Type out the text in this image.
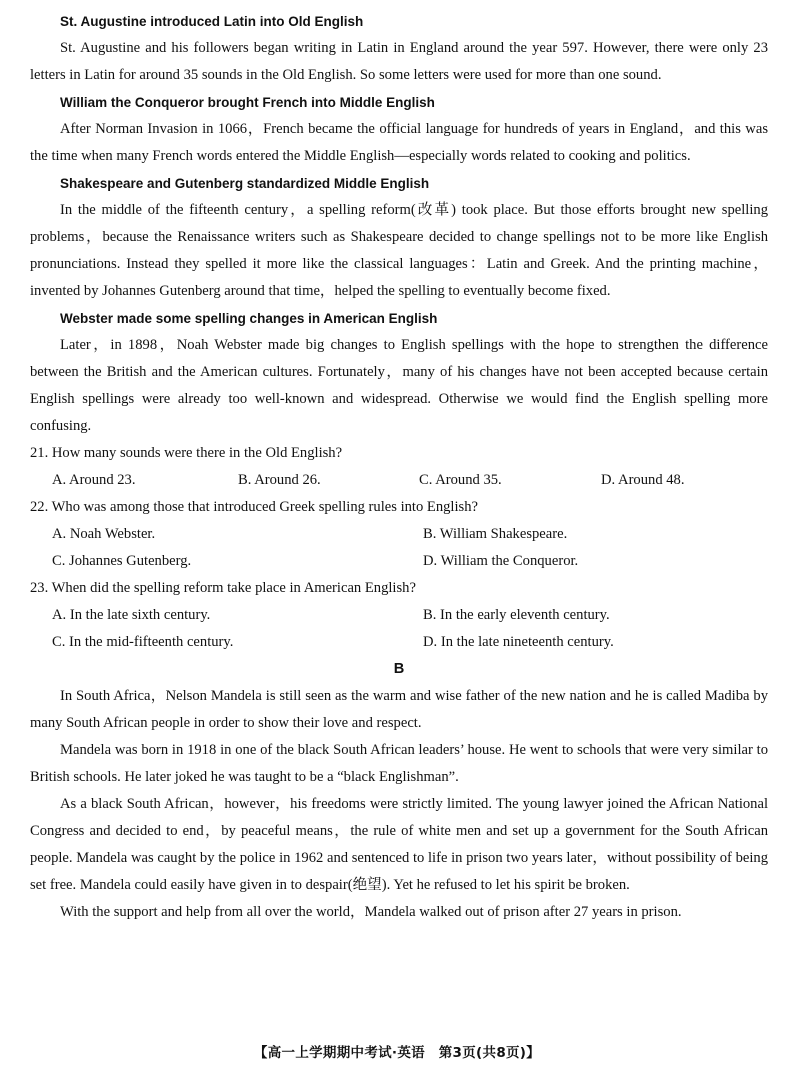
St. Augustine introduced Latin into Old English

St. Augustine and his followers began writing in Latin in England around the year 597. However, there were only 23 letters in Latin for around 35 sounds in the Old English. So some letters were used for more than one sound.

William the Conqueror brought French into Middle English

After Norman Invasion in 1066，French became the official language for hundreds of years in England，and this was the time when many French words entered the Middle English—especially words related to cooking and politics.

Shakespeare and Gutenberg standardized Middle English

In the middle of the fifteenth century，a spelling reform(改革) took place. But those efforts brought new spelling problems，because the Renaissance writers such as Shakespeare decided to change spellings not to be more like English pronunciations. Instead they spelled it more like the classical languages：Latin and Greek. And the printing machine，invented by Johannes Gutenberg around that time，helped the spelling to eventually become fixed.

Webster made some spelling changes in American English

Later，in 1898，Noah Webster made big changes to English spellings with the hope to strengthen the difference between the British and the American cultures. Fortunately，many of his changes have not been accepted because certain English spellings were already too well-known and widespread. Otherwise we would find the English spelling more confusing.

21. How many sounds were there in the Old English?

A. Around 23.	B. Around 26.	C. Around 35.	D. Around 48.

22. Who was among those that introduced Greek spelling rules into English?

A. Noah Webster.	B. William Shakespeare.
C. Johannes Gutenberg.	D. William the Conqueror.

23. When did the spelling reform take place in American English?

A. In the late sixth century.	B. In the early eleventh century.
C. In the mid-fifteenth century.	D. In the late nineteenth century.
B

In South Africa，Nelson Mandela is still seen as the warm and wise father of the new nation and he is called Madiba by many South African people in order to show their love and respect.

Mandela was born in 1918 in one of the black South African leaders’ house. He went to schools that were very similar to British schools. He later joked he was taught to be a “black Englishman”.

As a black South African，however，his freedoms were strictly limited. The young lawyer joined the African National Congress and decided to end，by peaceful means，the rule of white men and set up a government for the South African people. Mandela was caught by the police in 1962 and sentenced to life in prison two years later，without possibility of being set free. Mandela could easily have given in to despair(绝望). Yet he refused to let his spirit be broken.

With the support and help from all over the world，Mandela walked out of prison after 27 years in prison.

【高一上学期期中考试·英语　第3页(共8页)】
